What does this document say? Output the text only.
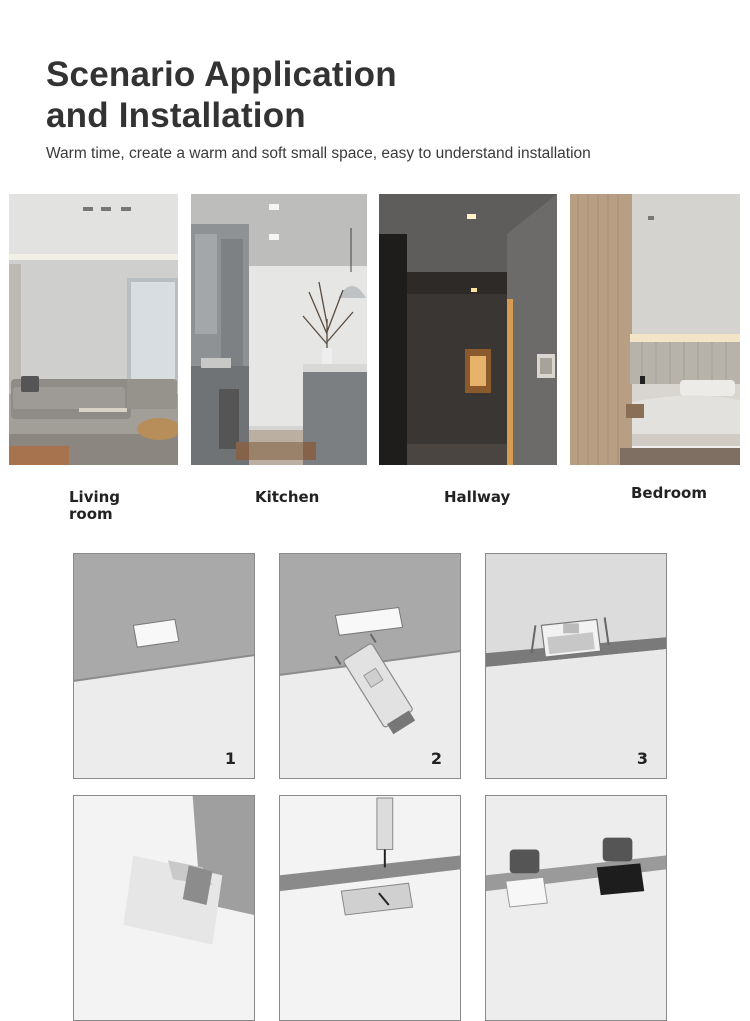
Scenario Application
and Installation

Warm time, create a warm and soft small space, easy to understand installation

Living
room

Kitchen	Hallway	Bedroom

1	2	3
